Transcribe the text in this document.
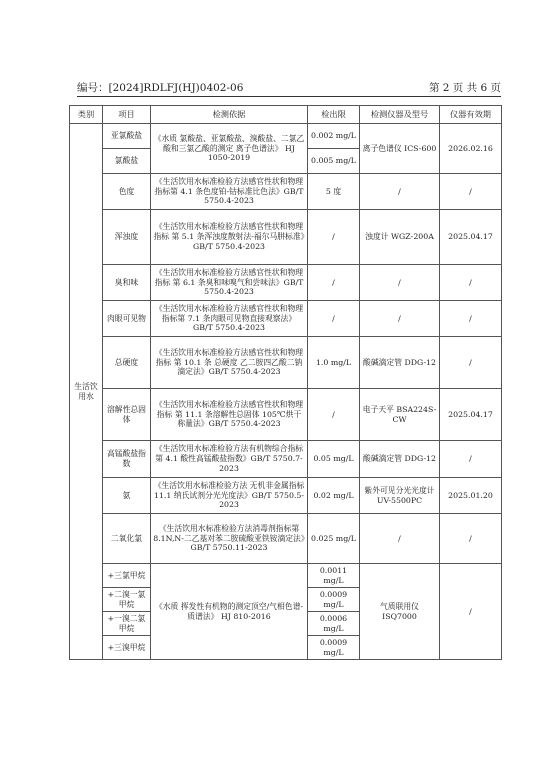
编号：[2024]RDLFJ(HJ)0402-06	第 2 页 共 6 页
类别	项目	检测依据	检出限	检测仪器及型号	仪器有效期
生活饮用水	亚氯酸盐	《水质 氯酸盐、亚氯酸盐、溴酸盐、二氯乙酸和三氯乙酸的测定 离子色谱法》 HJ 1050-2019	0.002 mg/L	离子色谱仪 ICS-600	2026.02.16
	氯酸盐		0.005 mg/L		
	色度	《生活饮用水标准检验方法感官性状和物理指标第 4.1 条色度铂-钴标准比色法》GB/T 5750.4-2023	5 度	/	/
	浑浊度	《生活饮用水标准检验方法感官性状和物理指标 第 5.1 条浑浊度散射法-福尔马肼标准》GB/T 5750.4-2023	/	浊度计 WGZ-200A	2025.04.17
	臭和味	《生活饮用水标准检验方法感官性状和物理指标 第 6.1 条臭和味嗅气和尝味法》GB/T 5750.4-2023	/	/	/
	肉眼可见物	《生活饮用水标准检验方法感官性状和物理指标第 7.1 条肉眼可见物直接观察法》GB/T 5750.4-2023	/	/	/
	总硬度	《生活饮用水标准检验方法感官性状和物理指标 第 10.1 条 总硬度 乙二胺四乙酸二钠滴定法》GB/T 5750.4-2023	1.0 mg/L	酸碱滴定管 DDG-12	/
	溶解性总固体	《生活饮用水标准检验方法感官性状和物理指标 第 11.1 条溶解性总固体 105℃烘干称量法》GB/T 5750.4-2023	/	电子天平 BSA224S-CW	2025.04.17
	高锰酸盐指数	《生活饮用水标准检验方法有机物综合指标第 4.1 酸性高锰酸盐指数》GB/T 5750.7-2023	0.05 mg/L	酸碱滴定管 DDG-12	/
	氨	《生活饮用水标准检验方法 无机非金属指标 11.1 纳氏试剂分光光度法》GB/T 5750.5-2023	0.02 mg/L	紫外可见分光光度计 UV-5500PC	2025.01.20
	二氧化氯	《生活饮用水标准检验方法消毒剂指标第 8.1N,N-二乙基对苯二胺硫酸亚铁铵滴定法》GB/T 5750.11-2023	0.025 mg/L	/	/
	+三氯甲烷	《水质 挥发性有机物的测定顶空/气相色谱-质谱法》 HJ 810-2016	0.0011 mg/L	气质联用仪 ISQ7000	/
	+二溴一氯甲烷		0.0009 mg/L		
	+一溴二氯甲烷		0.0006 mg/L		
	+三溴甲烷		0.0009 mg/L		
